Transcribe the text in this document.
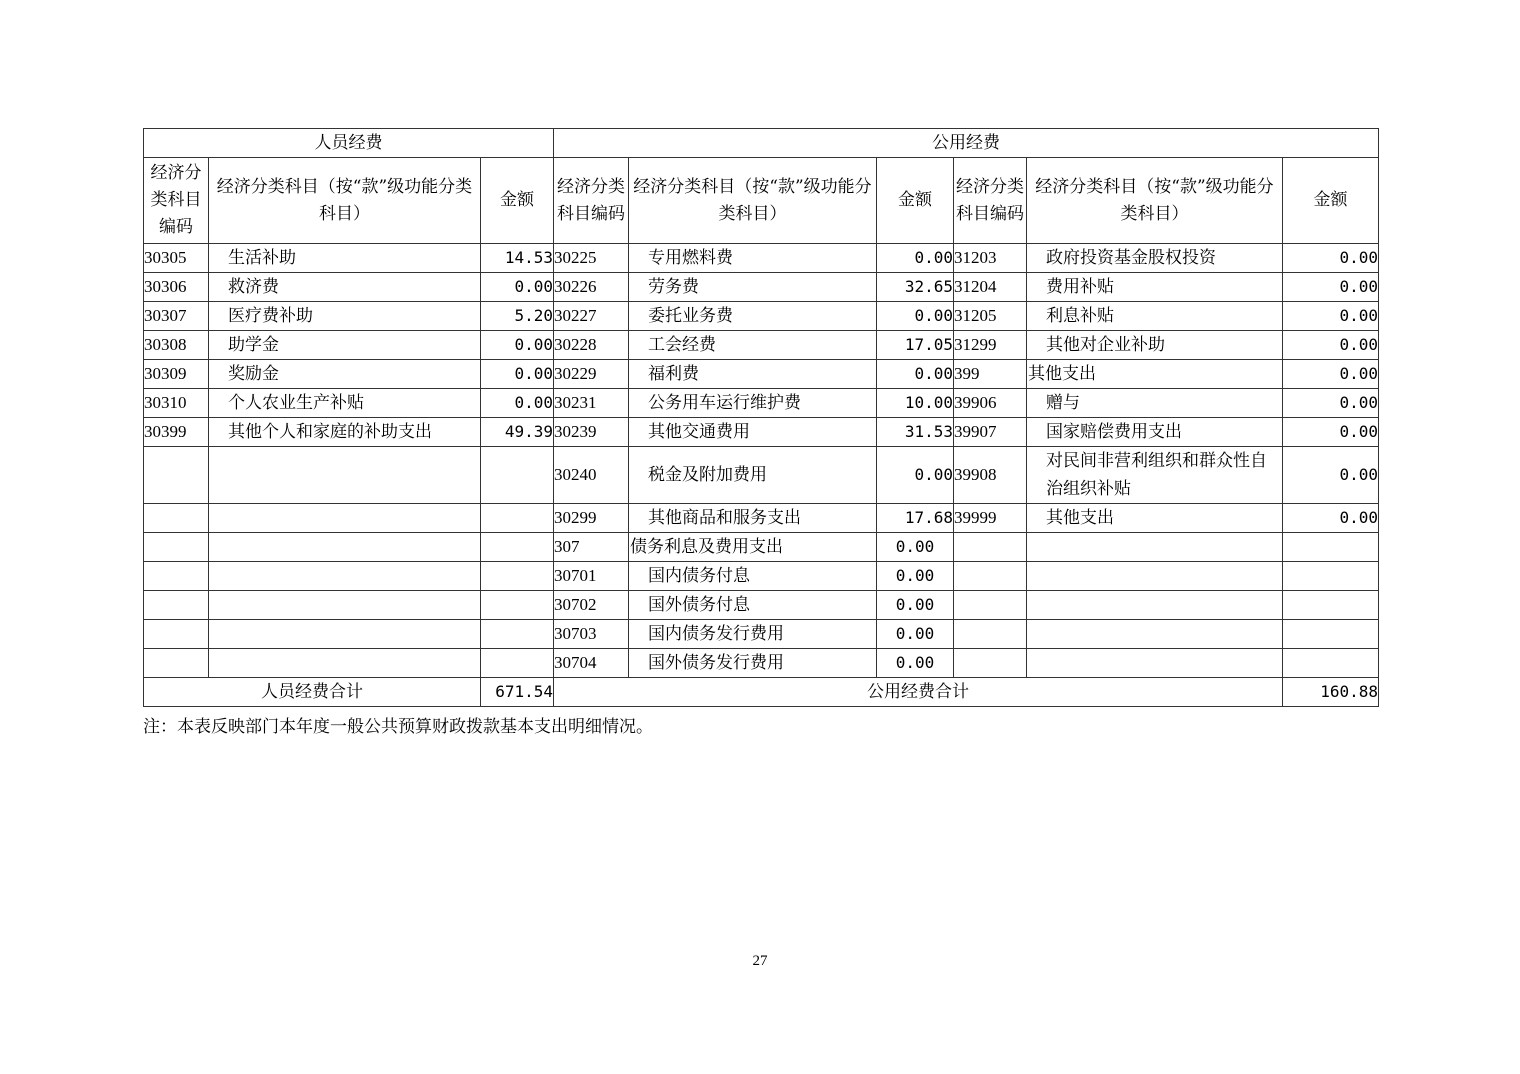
人员经费			公用经费					
经济分类科目编码	经济分类科目（按“款”级功能分类科目）	金额	经济分类科目编码	经济分类科目（按“款”级功能分类科目）	金额	经济分类科目编码	经济分类科目（按“款”级功能分类科目）	金额
30305	生活补助	14.53	30225	专用燃料费	0.00	31203	政府投资基金股权投资	0.00
30306	救济费	0.00	30226	劳务费	32.65	31204	费用补贴	0.00
30307	医疗费补助	5.20	30227	委托业务费	0.00	31205	利息补贴	0.00
30308	助学金	0.00	30228	工会经费	17.05	31299	其他对企业补助	0.00
30309	奖励金	0.00	30229	福利费	0.00	399	其他支出	0.00
30310	个人农业生产补贴	0.00	30231	公务用车运行维护费	10.00	39906	赠与	0.00
30399	其他个人和家庭的补助支出	49.39	30239	其他交通费用	31.53	39907	国家赔偿费用支出	0.00
			30240	税金及附加费用	0.00	39908	对民间非营利组织和群众性自治组织补贴	0.00
			30299	其他商品和服务支出	17.68	39999	其他支出	0.00
			307	债务利息及费用支出	0.00			
			30701	国内债务付息	0.00			
			30702	国外债务付息	0.00			
			30703	国内债务发行费用	0.00			
			30704	国外债务发行费用	0.00			
人员经费合计		671.54	公用经费合计					160.88
注：本表反映部门本年度一般公共预算财政拨款基本支出明细情况。
27
